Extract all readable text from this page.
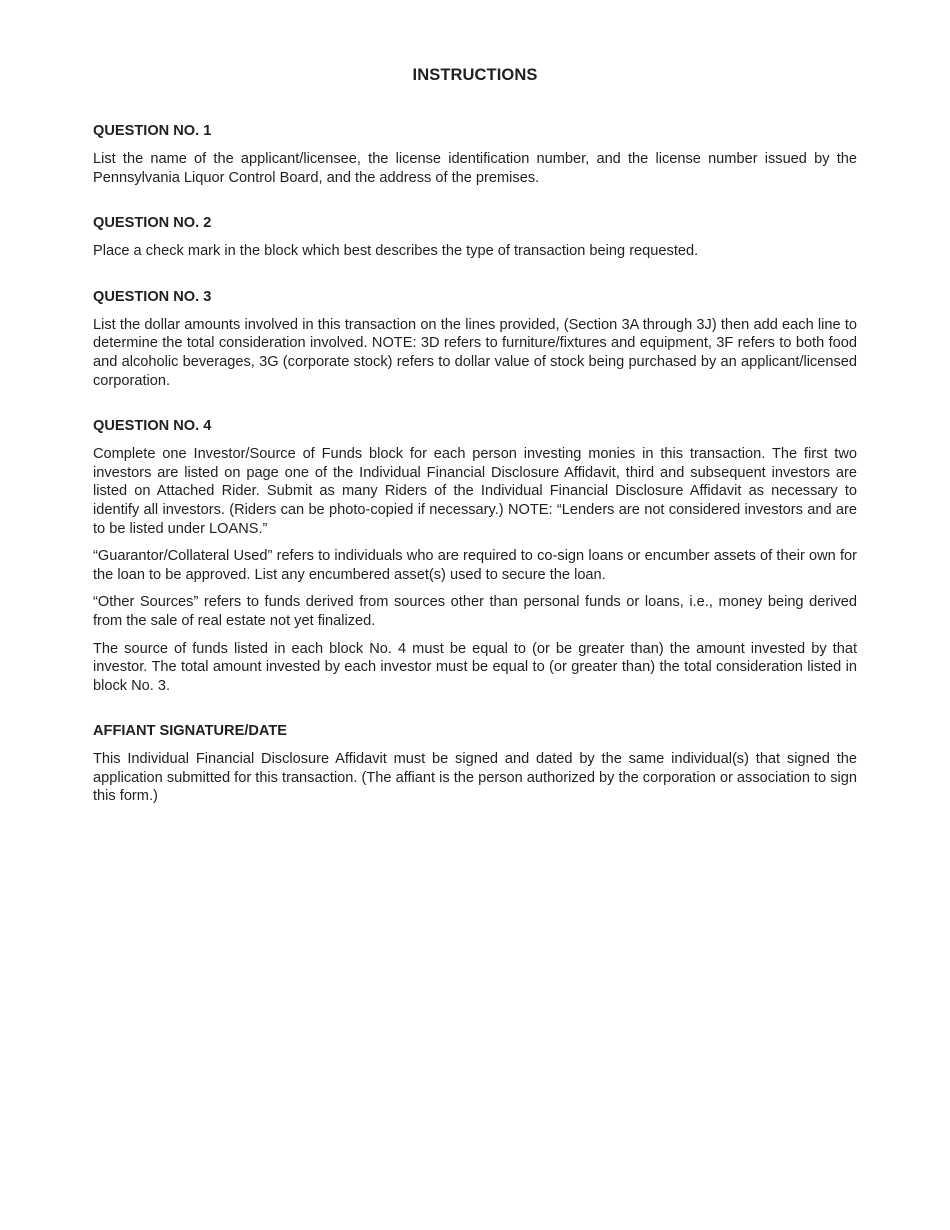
INSTRUCTIONS
QUESTION NO. 1

List the name of the applicant/licensee, the license identification number, and the license number issued by the Pennsylvania Liquor Control Board, and the address of the premises.

QUESTION NO. 2

Place a check mark in the block which best describes the type of transaction being requested.

QUESTION NO. 3

List the dollar amounts involved in this transaction on the lines provided, (Section 3A through 3J) then add each line to determine the total consideration involved. NOTE: 3D refers to furniture/fixtures and equipment, 3F refers to both food and alcoholic beverages, 3G (corporate stock) refers to dollar value of stock being purchased by an applicant/licensed corporation.

QUESTION NO. 4

Complete one Investor/Source of Funds block for each person investing monies in this transaction. The first two investors are listed on page one of the Individual Financial Disclosure Affidavit, third and subsequent investors are listed on Attached Rider. Submit as many Riders of the Individual Financial Disclosure Affidavit as necessary to identify all investors. (Riders can be photo-copied if necessary.) NOTE: “Lenders are not considered investors and are to be listed under LOANS.”

“Guarantor/Collateral Used” refers to individuals who are required to co-sign loans or encumber assets of their own for the loan to be approved. List any encumbered asset(s) used to secure the loan.

“Other Sources” refers to funds derived from sources other than personal funds or loans, i.e., money being derived from the sale of real estate not yet finalized.

The source of funds listed in each block No. 4 must be equal to (or be greater than) the amount invested by that investor. The total amount invested by each investor must be equal to (or greater than) the total consideration listed in block No. 3.

AFFIANT SIGNATURE/DATE

This Individual Financial Disclosure Affidavit must be signed and dated by the same individual(s) that signed the application submitted for this transaction. (The affiant is the person authorized by the corporation or association to sign this form.)
